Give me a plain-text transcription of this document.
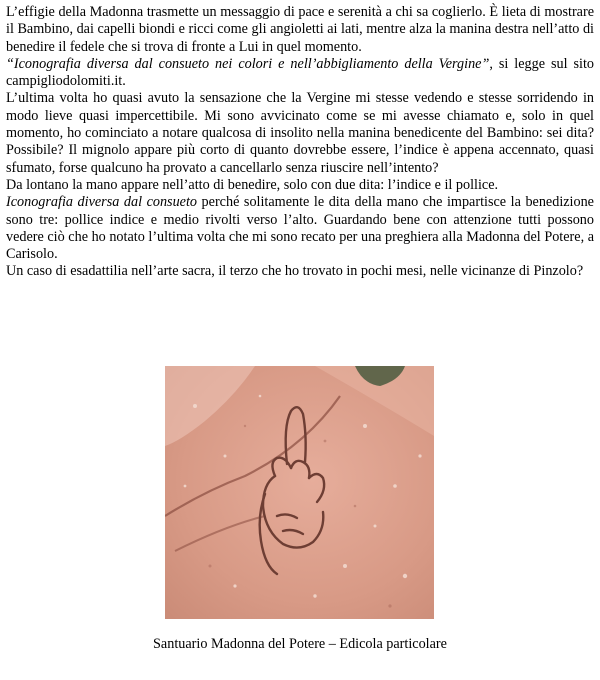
L’effigie della Madonna trasmette un messaggio di pace e serenità a chi sa coglierlo. È lieta di mostrare il Bambino, dai capelli biondi e ricci come gli angioletti ai lati, mentre alza la manina destra nell’atto di benedire il fedele che si trova di fronte a Lui in quel momento.

“Iconografia diversa dal consueto nei colori e nell’abbigliamento della Vergine”, si legge sul sito campigliodolomiti.it.

L’ultima volta ho quasi avuto la sensazione che la Vergine mi stesse vedendo e stesse sorridendo in modo lieve quasi impercettibile. Mi sono avvicinato come se mi avesse chiamato e, solo in quel momento, ho cominciato a notare qualcosa di insolito nella manina benedicente del Bambino: sei dita? Possibile? Il mignolo appare più corto di quanto dovrebbe essere, l’indice è appena accennato, quasi sfumato, forse qualcuno ha provato a cancellarlo senza riuscire nell’intento?

Da lontano la mano appare nell’atto di benedire, solo con due dita: l’indice e il pollice.

Iconografia diversa dal consueto perché solitamente le dita della mano che impartisce la benedizione sono tre: pollice indice e medio rivolti verso l’alto. Guardando bene con attenzione tutti possono vedere ciò che ho notato l’ultima volta che mi sono recato per una preghiera alla Madonna del Potere, a Carisolo.

Un caso di esadattilia nell’arte sacra, il terzo che ho trovato in pochi mesi, nelle vicinanze di Pinzolo?

Santuario Madonna del Potere – Edicola particolare
